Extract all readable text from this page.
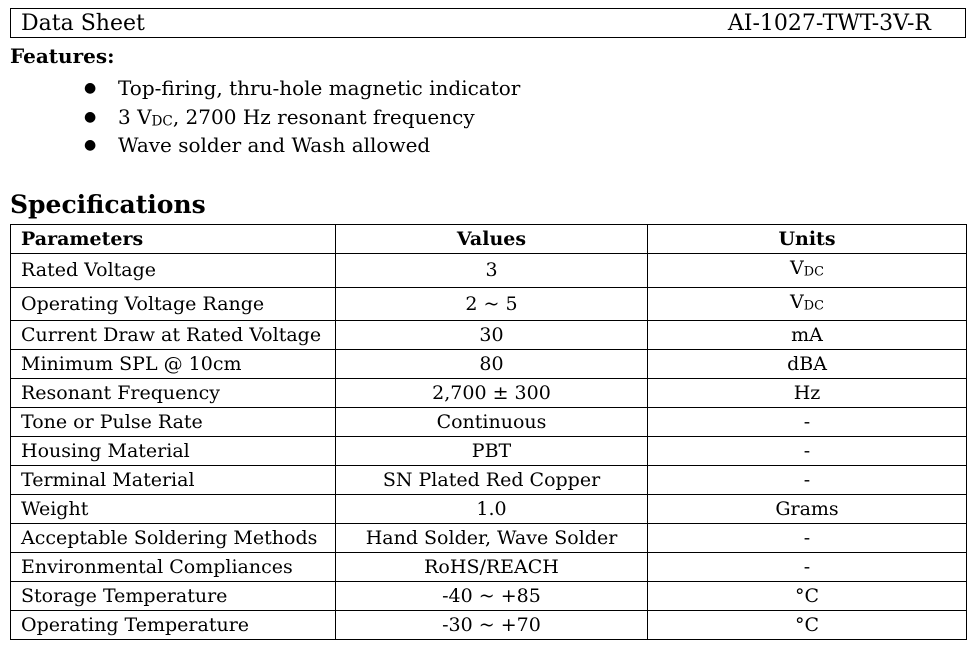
Data Sheet	AI-1027-TWT-3V-R
Features:
● Top-firing, thru-hole magnetic indicator
● 3 VDC, 2700 Hz resonant frequency
● Wave solder and Wash allowed
Specifications
Parameters	Values	Units
Rated Voltage	3	VDC
Operating Voltage Range	2 ~ 5	VDC
Current Draw at Rated Voltage	30	mA
Minimum SPL @ 10cm	80	dBA
Resonant Frequency	2,700 ± 300	Hz
Tone or Pulse Rate	Continuous	-
Housing Material	PBT	-
Terminal Material	SN Plated Red Copper	-
Weight	1.0	Grams
Acceptable Soldering Methods	Hand Solder, Wave Solder	-
Environmental Compliances	RoHS/REACH	-
Storage Temperature	-40 ~ +85	°C
Operating Temperature	-30 ~ +70	°C
